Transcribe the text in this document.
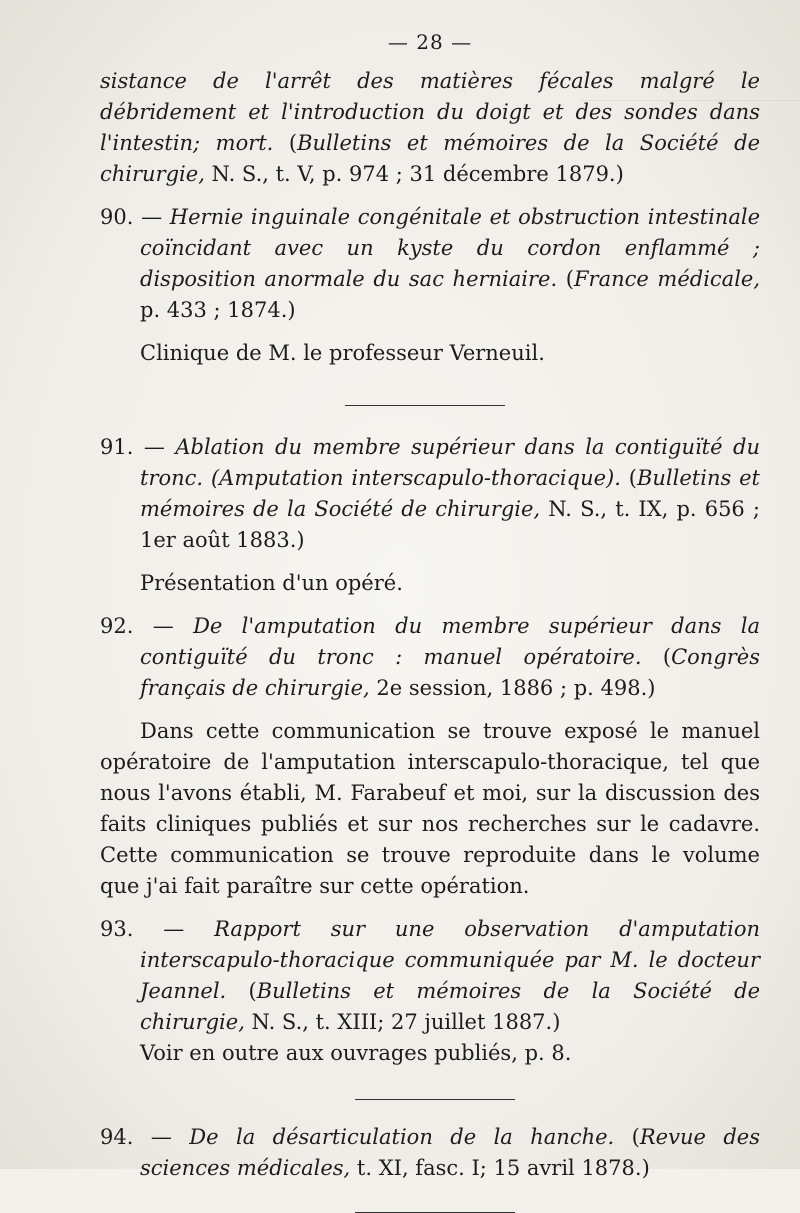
— 28 —
sistance de l'arrêt des matières fécales malgré le débridement et l'introduction du doigt et des sondes dans l'intestin; mort. (Bulletins et mémoires de la Société de chirurgie, N. S., t. V, p. 974 ; 31 décembre 1879.)
90. — Hernie inguinale congénitale et obstruction intestinale coïncidant avec un kyste du cordon enflammé ; disposition anormale du sac herniaire. (France médicale, p. 433 ; 1874.)
Clinique de M. le professeur Verneuil.
91. — Ablation du membre supérieur dans la contiguïté du tronc. (Amputation interscapulo-thoracique). (Bulletins et mémoires de la Société de chirurgie, N. S., t. IX, p. 656 ; 1er août 1883.)
Présentation d'un opéré.
92. — De l'amputation du membre supérieur dans la contiguïté du tronc : manuel opératoire. (Congrès français de chirurgie, 2e session, 1886 ; p. 498.)
Dans cette communication se trouve exposé le manuel opératoire de l'amputation interscapulo-thoracique, tel que nous l'avons établi, M. Farabeuf et moi, sur la discussion des faits cliniques publiés et sur nos recherches sur le cadavre. Cette communication se trouve reproduite dans le volume que j'ai fait paraître sur cette opération.
93. — Rapport sur une observation d'amputation interscapulo-thoracique communiquée par M. le docteur Jeannel. (Bulletins et mémoires de la Société de chirurgie, N. S., t. XIII; 27 juillet 1887.)
Voir en outre aux ouvrages publiés, p. 8.
94. — De la désarticulation de la hanche. (Revue des sciences médicales, t. XI, fasc. I; 15 avril 1878.)
